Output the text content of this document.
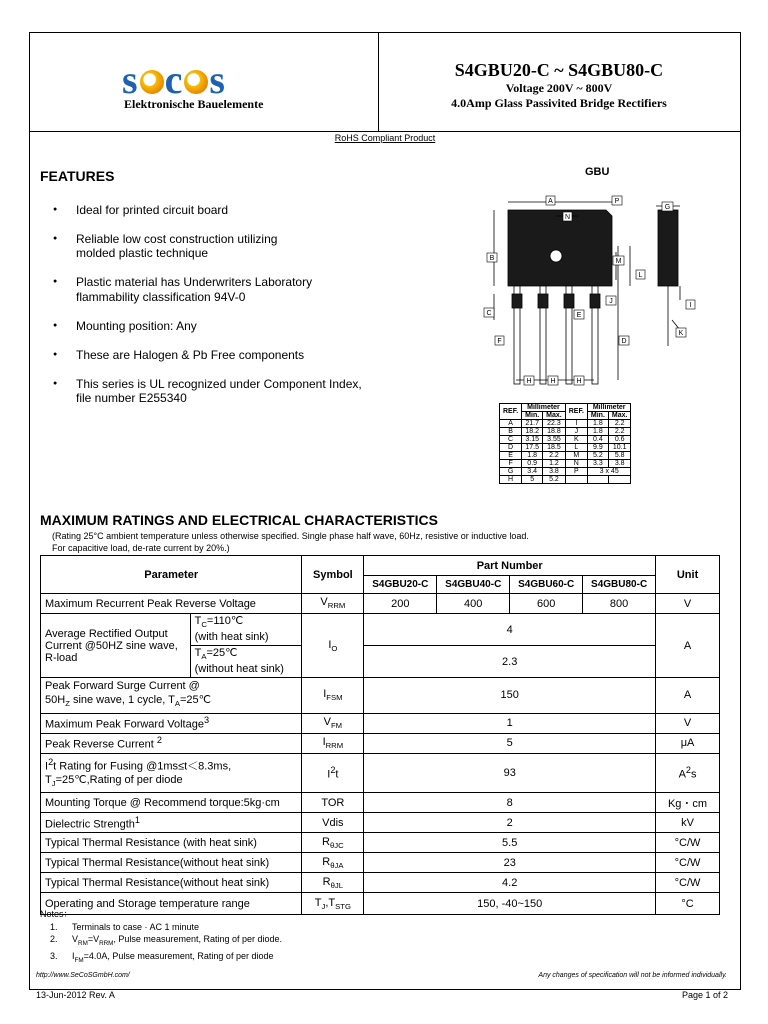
s c s
Elektronische Bauelemente
S4GBU20-C ~ S4GBU80-C
Voltage 200V ~ 800V
4.0Amp Glass Passivited Bridge Rectifiers
RoHS Compliant Product
FEATURES

● Ideal for printed circuit board

● Reliable low cost construction utilizing
molded plastic technique

● Plastic material has Underwriters Laboratory
flammability classification 94V-0

● Mounting position: Any

● These are Halogen & Pb Free components

● This series is UL recognized under Component Index,
file number E255340

GBU
A
N
P
G
B	M
L
J
I
C	E
D
K
F
H	H	H
REF.	Millimeter		REF.	Millimeter	
	Min.	Max.		Min.	Max.
A	21.7	22.3	I	1.8	2.2
B	18.2	18.8	J	1.8	2.2
C	3.15	3.55	K	0.4	0.6
D	17.5	18.5	L	9.9	10.1
E	1.8	2.2	M	5.2	5.8
F	0.9	1.2	N	3.3	3.8
G	3.4	3.8	P	3 x 45	
H	5	5.2			
MAXIMUM RATINGS AND ELECTRICAL CHARACTERISTICS
(Rating 25°C ambient temperature unless otherwise specified. Single phase half wave, 60Hz, resistive or inductive load.
For capacitive load, de-rate current by 20%.)
Parameter		Symbol	Part Number				Unit
			S4GBU20-C	S4GBU40-C	S4GBU60-C	S4GBU80-C	
Maximum Recurrent Peak Reverse Voltage		$V_{RRM}$	200	400	600	800	V
Average Rectified Output Current @50HZ sine wave, R-load	$T_C=110℃$
(with heat sink)	$I_O$	4				A
	$T_A=25℃$
(without heat sink)		2.3				
Peak Forward Surge Current @
$50H_Z$ sine wave, 1 cycle, $T_A=25℃$		$I_{FSM}$	150				A
Maximum Peak Forward Voltage$^3$		$V_{FM}$	1				V
Peak Reverse Current $^2$		$I_{RRM}$	5				μA
$I^2t$ Rating for Fusing @1ms≤t＜8.3ms,
$T_J=25℃,Rating$ of per diode		$I^2t$	93				$A^2s$
Mounting Torque @ Recommend torque:5kg·cm		TOR	8				Kg・cm
Dielectric Strength$^1$		Vdis	2				kV
Typical Thermal Resistance (with heat sink)		$R_{\theta JC}$	5.5				°C/W
Typical Thermal Resistance(without heat sink)		$R_{\theta JA}$	23				°C/W
Typical Thermal Resistance(without heat sink)		$R_{\theta JL}$	4.2				°C/W
Operating and Storage temperature range		$T_J,T_{STG}$	150, -40~150				°C
Notes：
1. Terminals to case · AC 1 minute
2. $V_{RM}=V_{RRM}$, Pulse measurement, Rating of per diode.
3. $I_{FM}=4.0A$, Pulse measurement, Rating of per diode
http://www.SeCoSGmbH.com/	Any changes of specification will not be informed individually.
13-Jun-2012 Rev. A	Page 1 of 2
